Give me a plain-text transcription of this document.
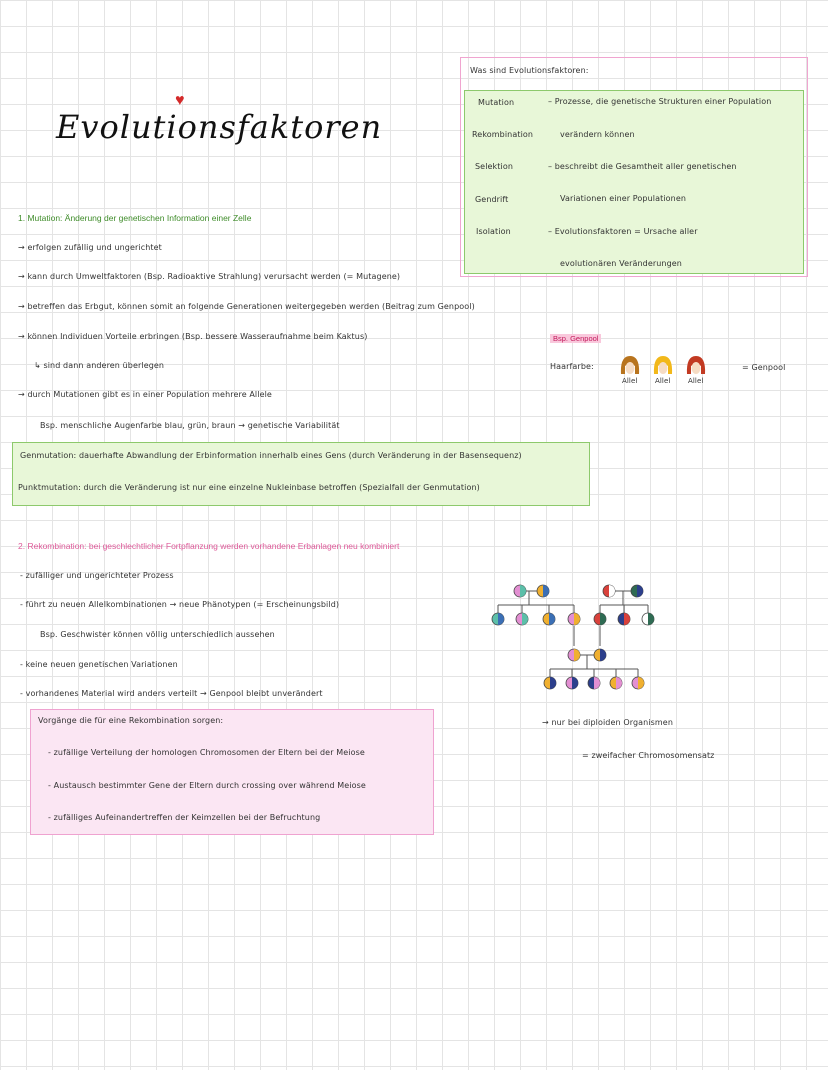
Evolutionsfaktoren
♥
Was sind Evolutionsfaktoren:
Mutation
Rekombination
Selektion
Gendrift
Isolation
– Prozesse, die genetische Strukturen einer Population
verändern können
– beschreibt die Gesamtheit aller genetischen
Variationen einer Populationen
– Evolutionsfaktoren = Ursache aller
evolutionären Veränderungen
1. Mutation: Änderung der genetischen Information einer Zelle
→ erfolgen zufällig und ungerichtet
→ kann durch Umweltfaktoren (Bsp. Radioaktive Strahlung) verursacht werden (= Mutagene)
→ betreffen das Erbgut, können somit an folgende Generationen weitergegeben werden (Beitrag zum Genpool)
→ können Individuen Vorteile erbringen (Bsp. bessere Wasseraufnahme beim Kaktus)
↳ sind dann anderen überlegen
→ durch Mutationen gibt es in einer Population mehrere Allele
Bsp. menschliche Augenfarbe blau, grün, braun → genetische Variabilität
Genmutation: dauerhafte Abwandlung der Erbinformation innerhalb eines Gens (durch Veränderung in der Basensequenz)
Punktmutation: durch die Veränderung ist nur eine einzelne Nukleinbase betroffen (Spezialfall der Genmutation)
Bsp. Genpool
Haarfarbe:
Allel	Allel	Allel
= Genpool
2. Rekombination: bei geschlechtlicher Fortpflanzung werden vorhandene Erbanlagen neu kombiniert
- zufälliger und ungerichteter Prozess
- führt zu neuen Allelkombinationen → neue Phänotypen (= Erscheinungsbild)
Bsp. Geschwister können völlig unterschiedlich aussehen
- keine neuen genetischen Variationen
- vorhandenes Material wird anders verteilt → Genpool bleibt unverändert
Vorgänge die für eine Rekombination sorgen:
- zufällige Verteilung der homologen Chromosomen der Eltern bei der Meiose
- Austausch bestimmter Gene der Eltern durch crossing over während Meiose
- zufälliges Aufeinandertreffen der Keimzellen bei der Befruchtung
→ nur bei diploiden Organismen
= zweifacher Chromosomensatz
